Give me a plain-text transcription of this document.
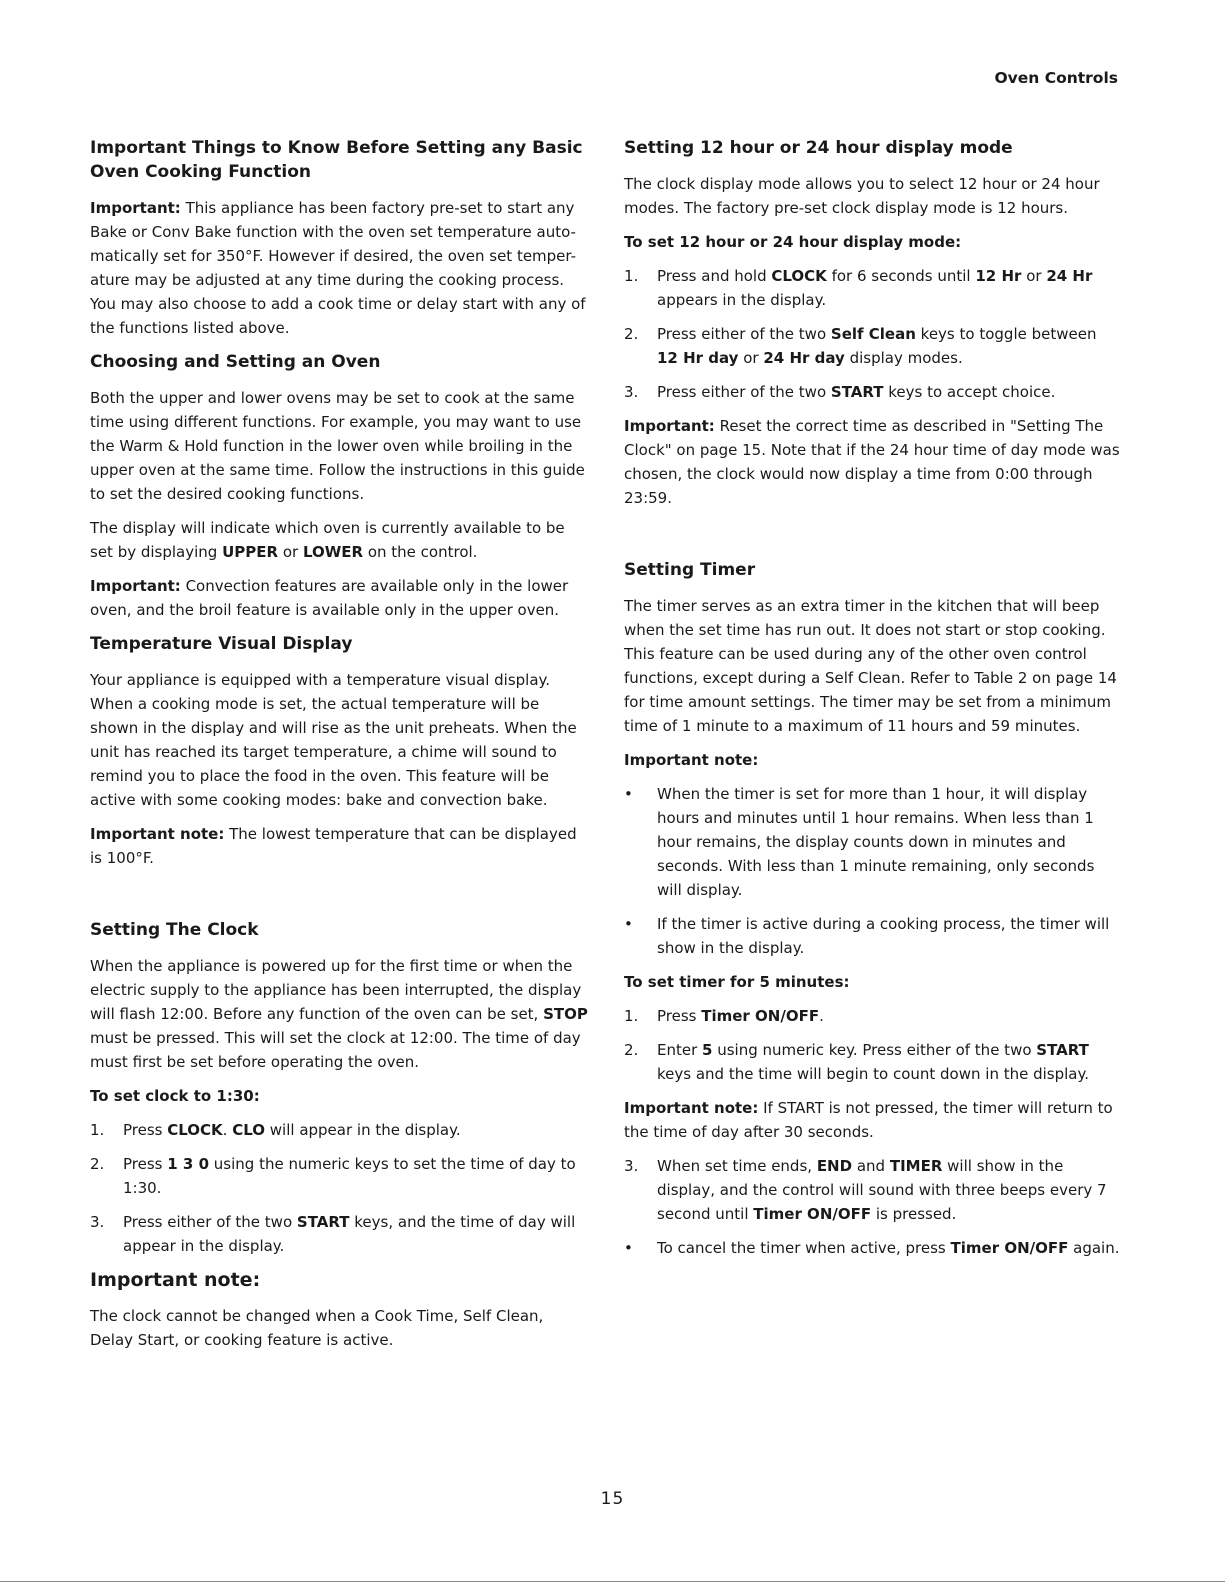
Oven Controls
Important Things to Know Before Setting any Basic Oven Cooking Function

Important: This appliance has been factory pre-set to start any Bake or Conv Bake function with the oven set temperature auto-matically set for 350°F. However if desired, the oven set temper-ature may be adjusted at any time during the cooking process. You may also choose to add a cook time or delay start with any of the functions listed above.

Choosing and Setting an Oven

Both the upper and lower ovens may be set to cook at the same time using different functions. For example, you may want to use the Warm & Hold function in the lower oven while broiling in the upper oven at the same time. Follow the instructions in this guide to set the desired cooking functions.

The display will indicate which oven is currently available to be set by displaying UPPER or LOWER on the control.

Important: Convection features are available only in the lower oven, and the broil feature is available only in the upper oven.

Temperature Visual Display

Your appliance is equipped with a temperature visual display. When a cooking mode is set, the actual temperature will be shown in the display and will rise as the unit preheats. When the unit has reached its target temperature, a chime will sound to remind you to place the food in the oven. This feature will be active with some cooking modes: bake and convection bake.

Important note: The lowest temperature that can be displayed is 100°F.

Setting The Clock

When the appliance is powered up for the first time or when the electric supply to the appliance has been interrupted, the display will flash 12:00. Before any function of the oven can be set, STOP must be pressed. This will set the clock at 12:00. The time of day must first be set before operating the oven.

To set clock to 1:30:

1.	Press CLOCK. CLO will appear in the display.
2.	Press 1 3 0 using the numeric keys to set the time of day to 1:30.
3.	Press either of the two START keys, and the time of day will appear in the display.
Important note:

The clock cannot be changed when a Cook Time, Self Clean, Delay Start, or cooking feature is active.

Setting 12 hour or 24 hour display mode

The clock display mode allows you to select 12 hour or 24 hour modes. The factory pre-set clock display mode is 12 hours.

To set 12 hour or 24 hour display mode:

1.	Press and hold CLOCK for 6 seconds until 12 Hr or 24 Hr appears in the display.
2.	Press either of the two Self Clean keys to toggle between 12 Hr day or 24 Hr day display modes.
3.	Press either of the two START keys to accept choice.

Important: Reset the correct time as described in "Setting The Clock" on page 15. Note that if the 24 hour time of day mode was chosen, the clock would now display a time from 0:00 through 23:59.

Setting Timer

The timer serves as an extra timer in the kitchen that will beep when the set time has run out. It does not start or stop cooking. This feature can be used during any of the other oven control functions, except during a Self Clean. Refer to Table 2 on page 14 for time amount settings. The timer may be set from a minimum time of 1 minute to a maximum of 11 hours and 59 minutes.

Important note:

•	When the timer is set for more than 1 hour, it will display hours and minutes until 1 hour remains. When less than 1 hour remains, the display counts down in minutes and seconds. With less than 1 minute remaining, only seconds will display.
•	If the timer is active during a cooking process, the timer will show in the display.

To set timer for 5 minutes:

1.	Press Timer ON/OFF.
2.	Enter 5 using numeric key. Press either of the two START keys and the time will begin to count down in the display.

Important note: If START is not pressed, the timer will return to the time of day after 30 seconds.

3.	When set time ends, END and TIMER will show in the display, and the control will sound with three beeps every 7 second until Timer ON/OFF is pressed.
•	To cancel the timer when active, press Timer ON/OFF again.
15
